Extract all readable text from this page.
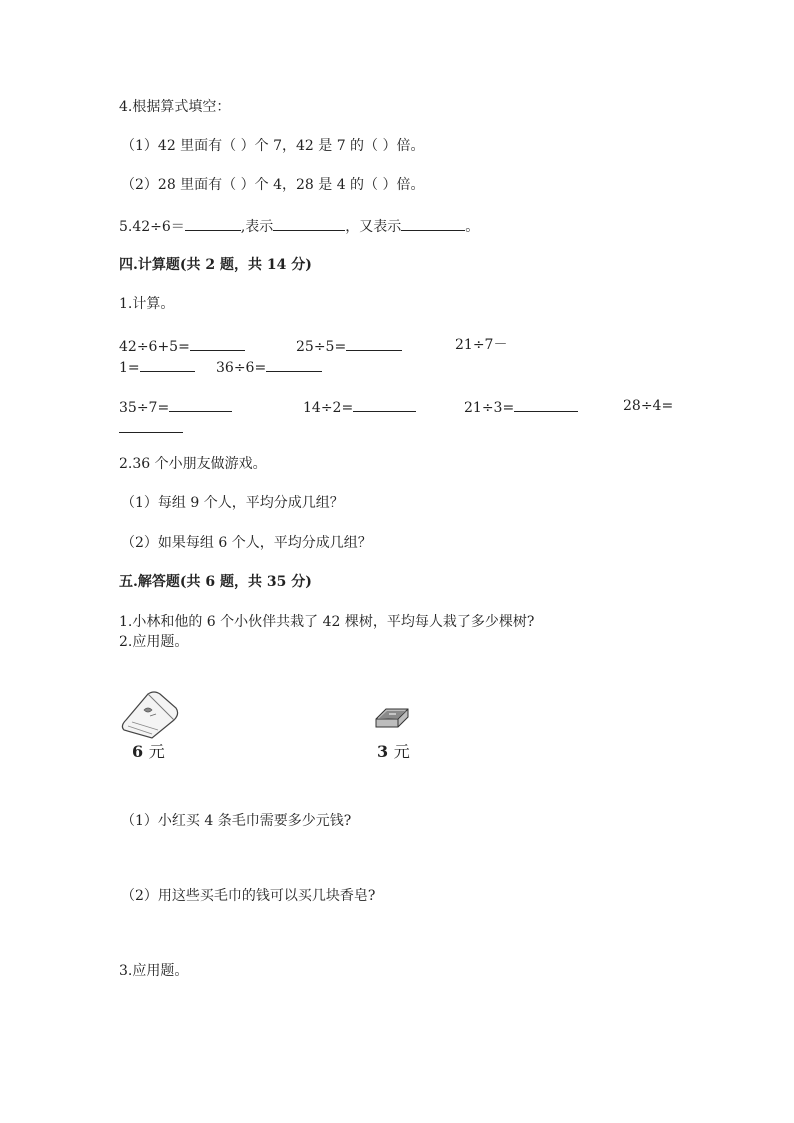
4.根据算式填空：
（1）42 里面有（ ）个 7，42 是 7 的（ ）倍。
（2）28 里面有（ ）个 4，28 是 4 的（ ）倍。
5.42÷6＝	,表示	，又表示	。
四.计算题(共 2 题，共 14 分)
1.计算。
42÷6+5=	25÷5=	21÷7－
1=	36÷6=
35÷7=	14÷2=	21÷3=	28÷4=
2.36 个小朋友做游戏。
（1）每组 9 个人，平均分成几组？
（2）如果每组 6 个人，平均分成几组？
五.解答题(共 6 题，共 35 分)
1.小林和他的 6 个小伙伴共栽了 42 棵树，平均每人栽了多少棵树?
2.应用题。
6 元	3 元
（1）小红买 4 条毛巾需要多少元钱?
（2）用这些买毛巾的钱可以买几块香皂?
3.应用题。
